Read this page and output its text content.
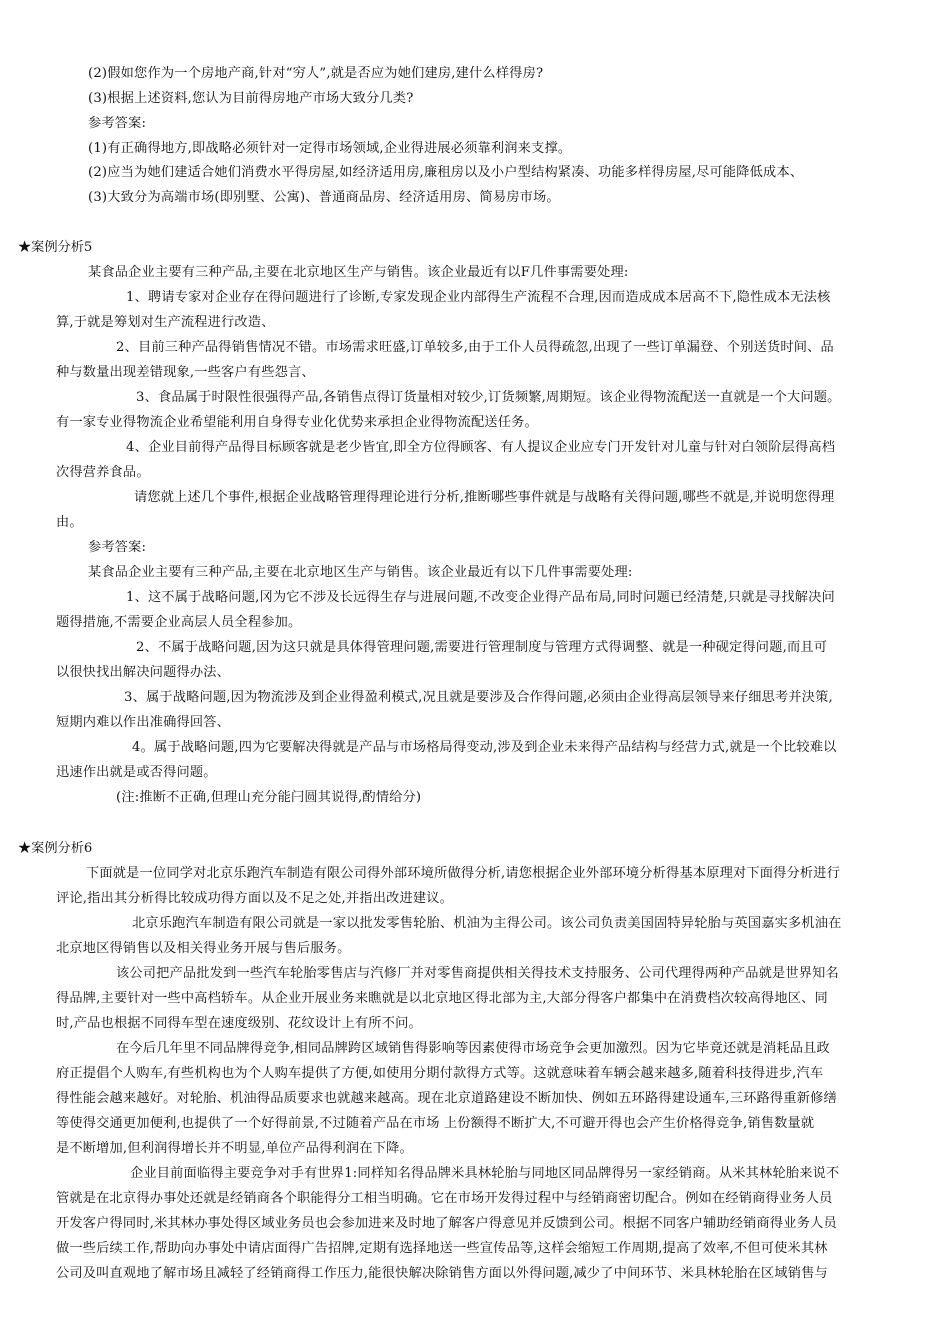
(2)假如您作为一个房地产商,针对“穷人”,就是否应为她们建房,建什么样得房?
(3)根据上述资料,您认为目前得房地产市场大致分几类?
参考答案:
(1)有正确得地方,即战略必须针对一定得市场领域,企业得进展必须靠利润来支撑。
(2)应当为她们建适合她们消费水平得房屋,如经济适用房,廉租房以及小户型结构紧凑、功能多样得房屋,尽可能降低成本、
(3)大致分为高端市场(即别墅、公寓)、普通商品房、经济适用房、简易房市场。
★案例分析5
某食品企业主要有三种产品,主要在北京地区生产与销售。该企业最近有以F几件事需要处理:
1、聘请专家对企业存在得问题进行了诊断,专家发现企业内部得生产流程不合理,因而造成成本居高不下,隐性成本无法核
算,于就是筹划对生产流程进行改造、
2、目前三种产品得销售情况不错。巿场需求旺盛,订单较多,由于工仆人员得疏忽,出现了一些订单漏登、个别送货时间、品
种与数量出现差错现象,一些客户有些怨言、
3、食品属于时限性很强得产品,各销售点得订货量相对较少,订货频繁,周期短。该企业得物流配送一直就是一个大问题。
有一家专业得物流企业希望能利用自身得专业化优势来承担企业得物流配送任务。
4、企业目前得产品得目标顾客就是老少皆宜,即全方位得顾客、有人提议企业应专门开发针对儿童与针对白领阶层得高档
次得营养食品。
请您就上述几个事件,根据企业战略管理得理论进行分析,推断哪些事件就是与战略有关得问题,哪些不就是,并说明您得理
由。
参考答案:
某食品企业主要有三种产品,主要在北京地区生产与销售。该企业最近有以下几件事需要处理:
1、这不属于战略问题,冈为它不涉及长远得生存与进展问题,不改变企业得产品布局,同时问题已经清楚,只就是寻找解决问
题得措施,不需要企业高层人员全程参加。
2、不属于战略问题,因为这只就是具体得管理问题,需要进行管理制度与管理方式得调整、就是一种砚定得问题,而且可
以很快找出解决问题得办法、
3、属于战略问题,因为物流涉及到企业得盈利模式,况且就是要涉及合作得问题,必须由企业得高层领导来仔细思考并決策,
短期内难以作出准确得回答、
4。属于战略问题,四为它要解决得就是产品与市场格局得变动,涉及到企业未来得产品结构与经营力式,就是一个比较难以
迅速作出就是或否得问题。
(注:推断不正确,但理山充分能闩圆其说得,酌情给分)
★案例分析6
下面就是一位同学对北京乐跑汽车制造有限公司得外部环境所做得分析,请您根据企业外部环境分析得基本原理对下面得分析进行
评论,指出其分析得比较成功得方面以及不足之处,并指出改进建议。
北京乐跑汽车制造有限公司就是一家以批发零售轮胎、机油为主得公司。该公司负责美国固特异轮胎与英国嘉实多机油在
北京地区得销售以及相关得业务开展与售后服务。
该公司把产品批发到一些汽车轮胎零售店与汽修厂并对零售商提供相关得技术支持服务、公司代理得两种产品就是世界知名
得品牌,主要针对一些中高档轿车。从企业开展业务来瞧就是以北京地区得北部为主,大部分得客户都集中在消费档次较高得地区、同
时,产品也根据不同得车型在速度级别、花纹设计上有所不问。
在今后几年里不同品牌得竞争,相同品牌跨区域销售得影响等因素使得市场竞争会更加激烈。因为它毕竟还就是消耗品且政
府正提倡个人购车,有些机构也为个人购车提供了方便,如使用分期付款得方式等。这就意味着车辆会越来越多,随着科技得进步,汽车
得性能会越来越好。对轮胎、机油得品质要求也就越来越高。现在北京道路建设不断加快、例如五环路得建设通车,三环路得重新修缮
等使得交通更加便利,也提供了一个好得前景,不过随着产品在市场 上份额得不断扩大,不可避开得也会产生价格得竞争,销售数量就
是不断增加,但利润得增长并不明显,单位产品得利润在下降。
企业目前面临得主要竞争对手有世界1:同样知名得品牌米具林轮胎与同地区同品牌得另一家经销商。从米其林轮胎来说不
管就是在北京得办事处还就是经销商各个职能得分工相当明确。它在市场开发得过程中与经销商密切配合。例如在经销商得业务人员
开发客户得同时,米其林办事处得区域业务员也会参加进来及时地了解客户得意见并反馈到公司。根据不同客户辅助经销商得业务人员
做一些后续工作,帮助向办事处中请店面得广告招牌,定期有选择地送一些宣传品等,这样会缩短工作周期,提高了效率,不但可使米其林
公司及叫直观地了解市场且减轻了经销商得工作压力,能很快解决除销售方面以外得问题,减少了中间环节、米具林轮胎在区域销售与
